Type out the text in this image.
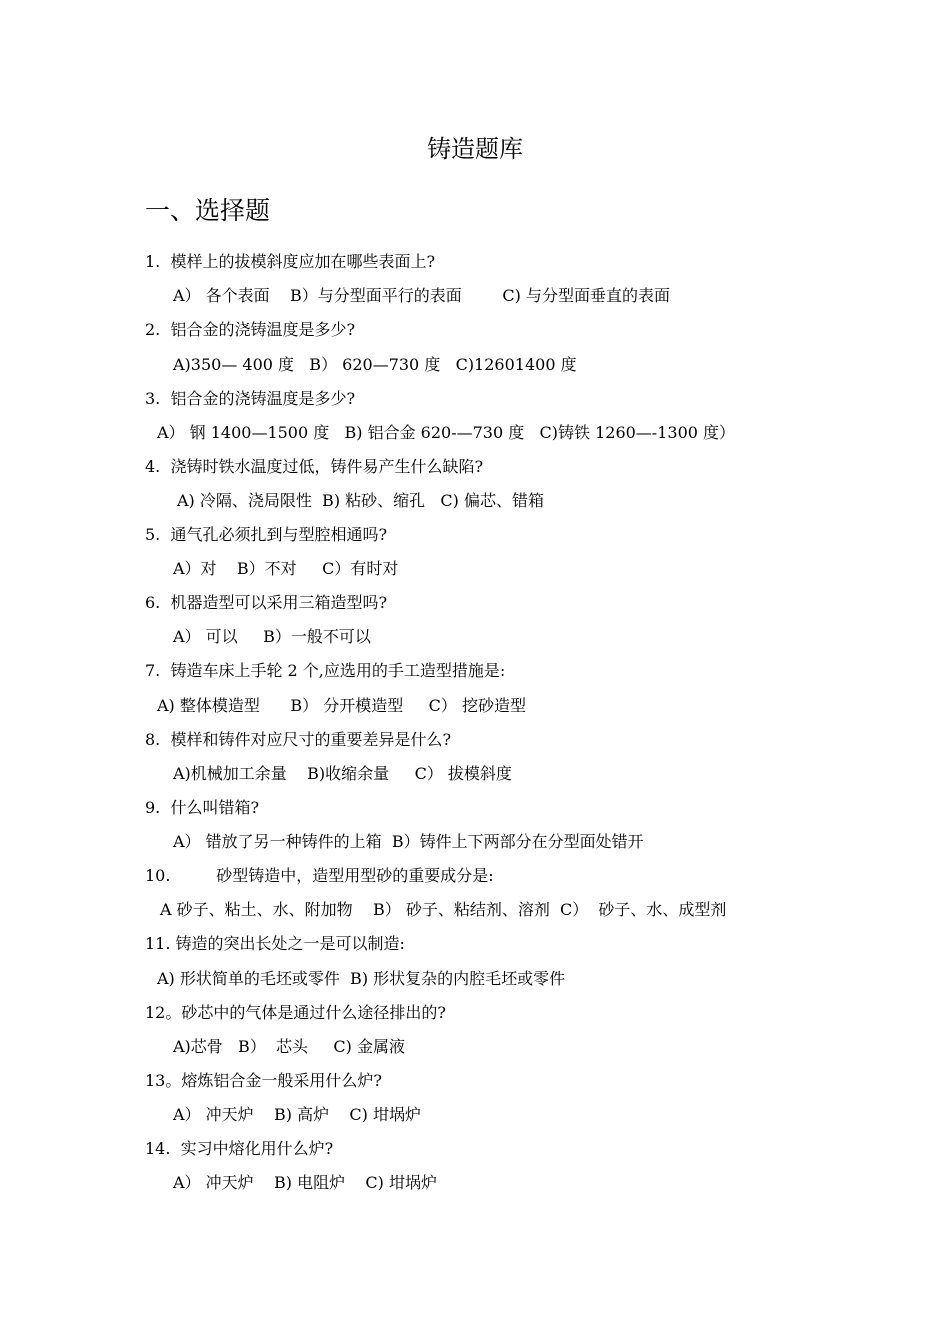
铸造题库
一、选择题
1.  模样上的拔模斜度应加在哪些表面上?
A） 各个表面    B）与分型面平行的表面        C) 与分型面垂直的表面
2.  铝合金的浇铸温度是多少?
A)350— 400 度   B） 620—730 度   C)12601400 度
3.  铝合金的浇铸温度是多少?
A） 钢 1400—1500 度   B) 铝合金 620-—730 度   C)铸铁 1260—-1300 度）
4.  浇铸时铁水温度过低，铸件易产生什么缺陷?
A) 冷隔、浇局限性  B) 粘砂、缩孔   C) 偏芯、错箱
5.  通气孔必须扎到与型腔相通吗?
A）对    B）不对     C）有时对
6.  机器造型可以采用三箱造型吗?
A） 可以     B）一般不可以
7.  铸造车床上手轮 2 个,应选用的手工造型措施是:
A) 整体模造型      B） 分开模造型     C） 挖砂造型
8.  模样和铸件对应尺寸的重要差异是什么?
A)机械加工余量    B)收缩余量     C） 拔模斜度
9.  什么叫错箱?
A） 错放了另一种铸件的上箱  B）铸件上下两部分在分型面处错开
10.         砂型铸造中，造型用型砂的重要成分是:
A 砂子、粘土、水、附加物    B） 砂子、粘结剂、溶剂  C）  砂子、水、成型剂
11. 铸造的突出长处之一是可以制造:
A) 形状简单的毛坯或零件  B) 形状复杂的内腔毛坯或零件
12。砂芯中的气体是通过什么途径排出的?
A)芯骨   B）  芯头     C) 金属液
13。熔炼铝合金一般采用什么炉?
A） 冲天炉    B) 高炉    C) 坩埚炉
14.  实习中熔化用什么炉?
A） 冲天炉    B) 电阻炉    C) 坩埚炉
